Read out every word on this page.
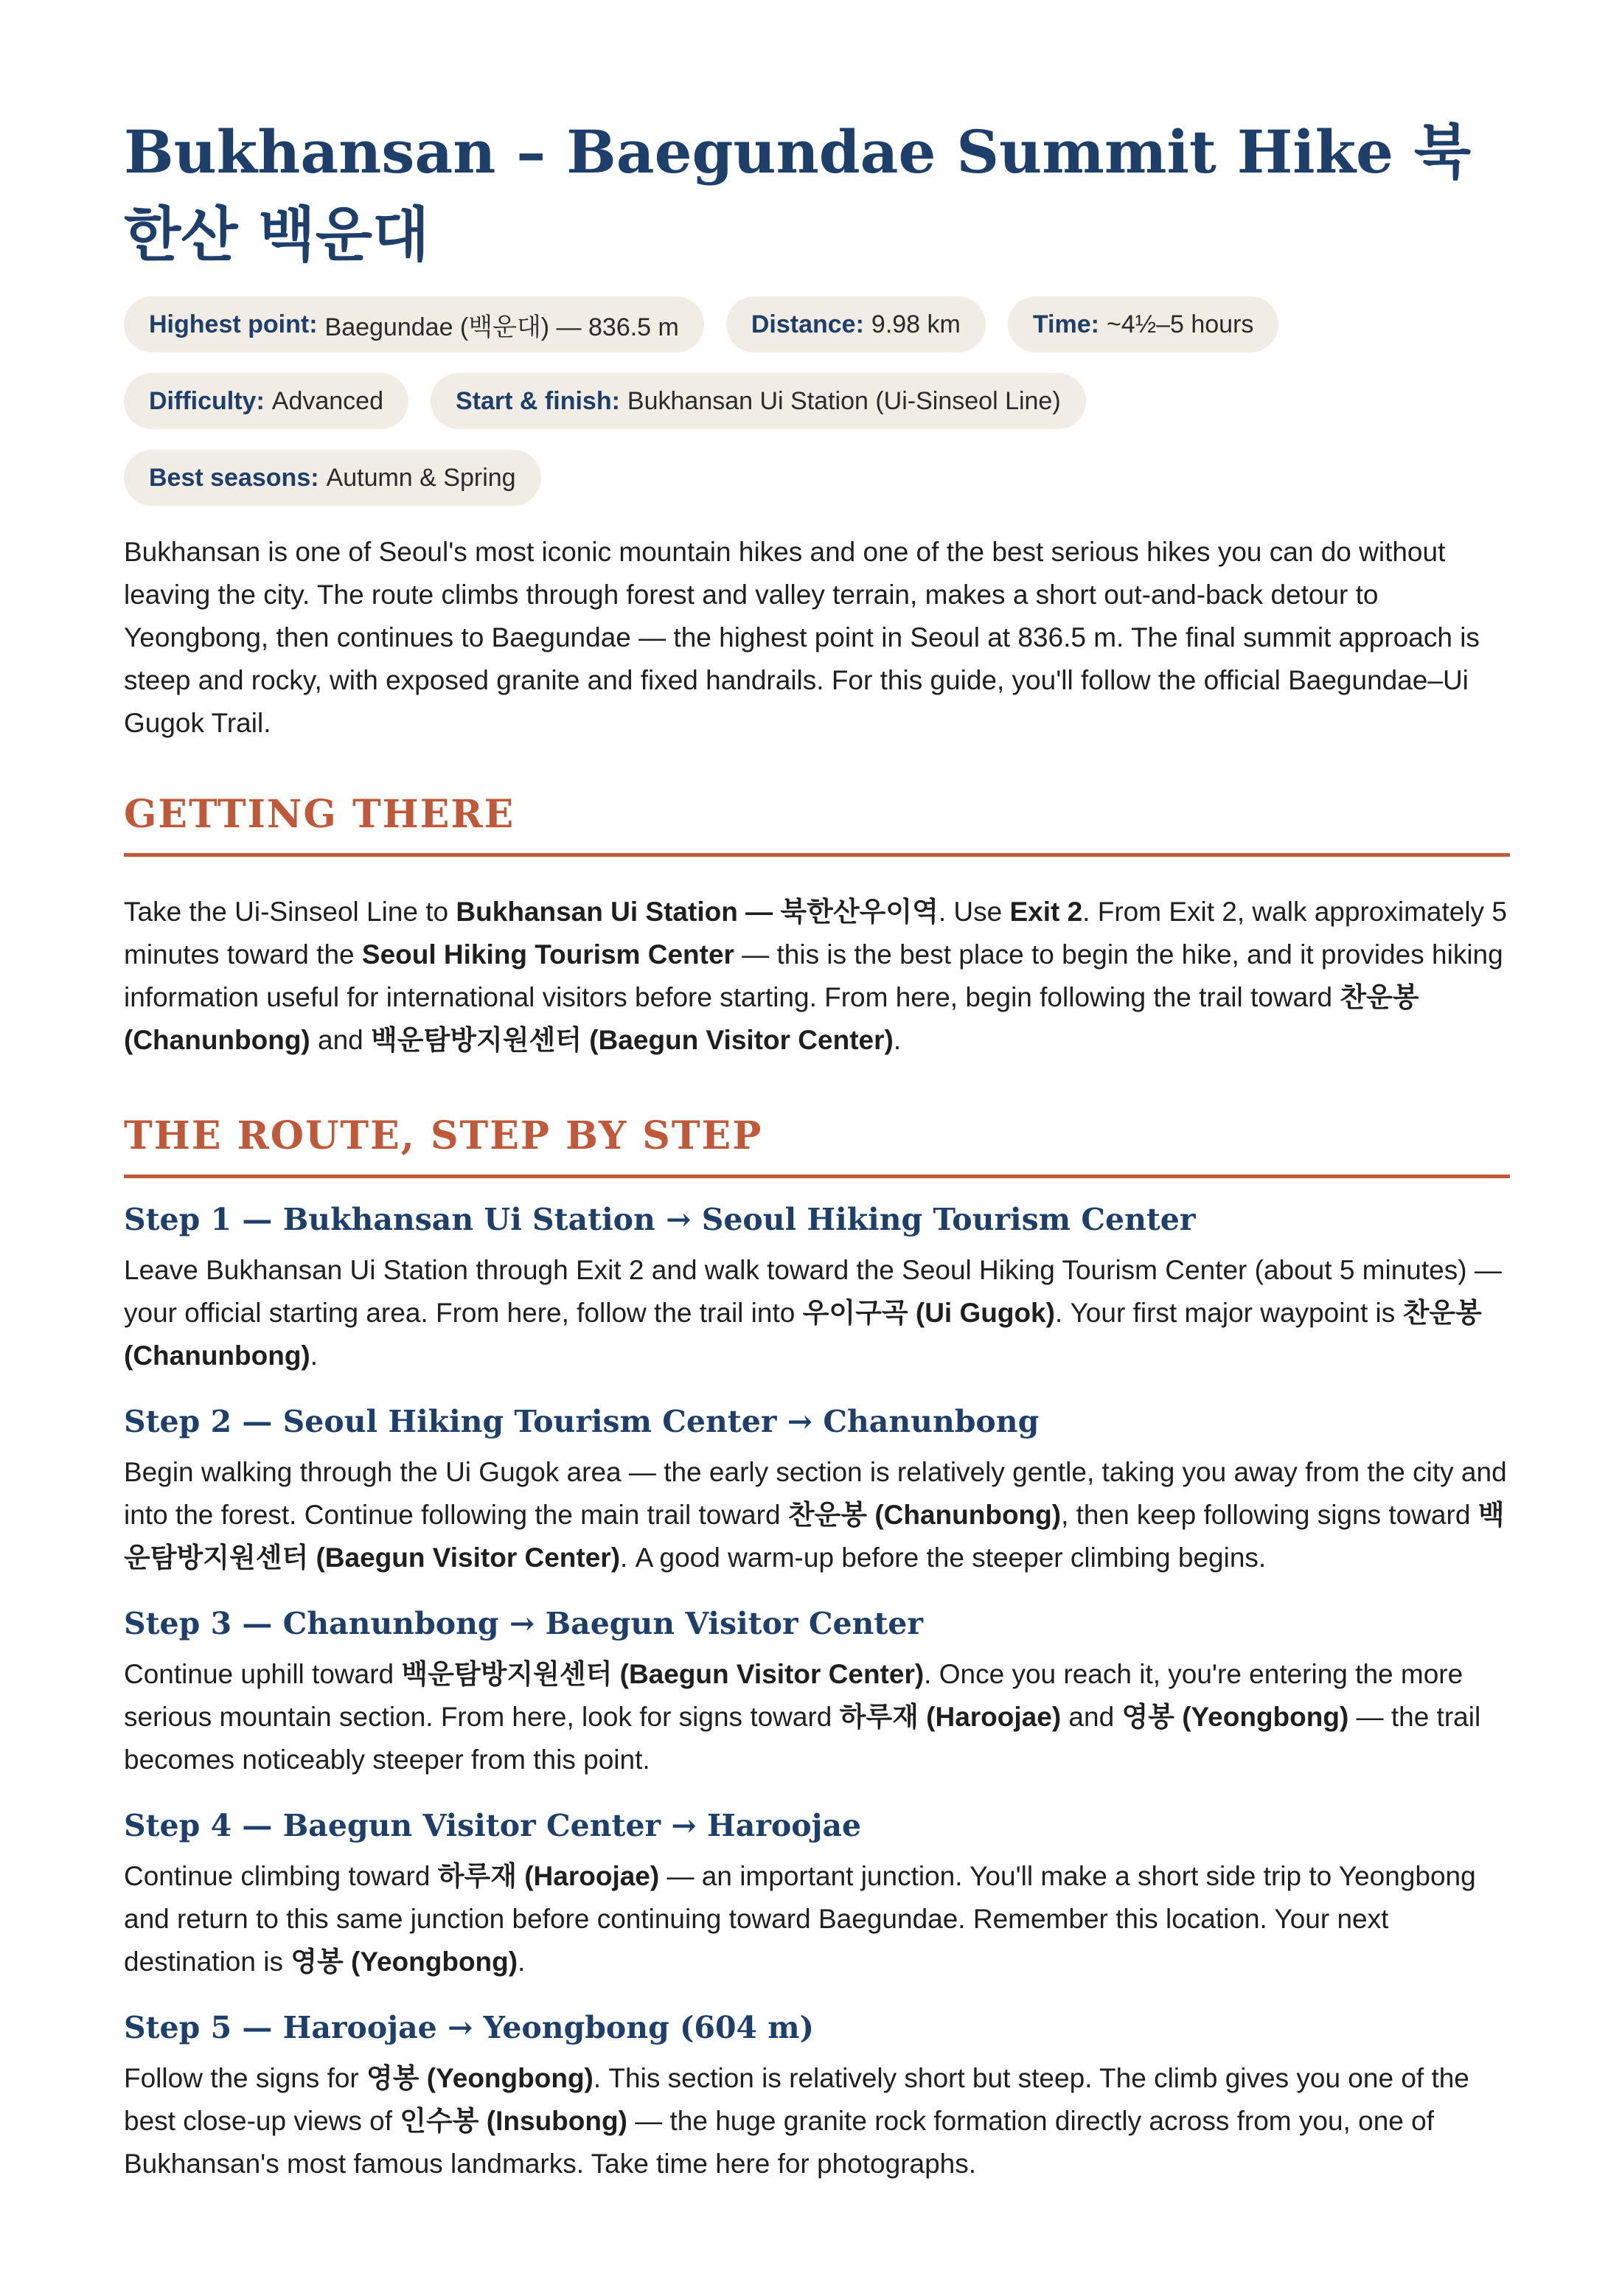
Bukhansan – Baegundae Summit Hike 북한산 백운대
Highest point: Baegundae (백운대) — 836.5 m	Distance: 9.98 km	Time: ~4½–5 hours
Difficulty: Advanced	Start & finish: Bukhansan Ui Station (Ui-Sinseol Line)
Best seasons: Autumn & Spring

Bukhansan is one of Seoul's most iconic mountain hikes and one of the best serious hikes you can do without leaving the city. The route climbs through forest and valley terrain, makes a short out-and-back detour to Yeongbong, then continues to Baegundae — the highest point in Seoul at 836.5 m. The final summit approach is steep and rocky, with exposed granite and fixed handrails. For this guide, you'll follow the official Baegundae–Ui Gugok Trail.

GETTING THERE

Take the Ui-Sinseol Line to Bukhansan Ui Station — 북한산우이역. Use Exit 2. From Exit 2, walk approximately 5 minutes toward the Seoul Hiking Tourism Center — this is the best place to begin the hike, and it provides hiking information useful for international visitors before starting. From here, begin following the trail toward 찬운봉 (Chanunbong) and 백운탐방지원센터 (Baegun Visitor Center).

THE ROUTE, STEP BY STEP
Step 1 — Bukhansan Ui Station → Seoul Hiking Tourism Center

Leave Bukhansan Ui Station through Exit 2 and walk toward the Seoul Hiking Tourism Center (about 5 minutes) — your official starting area. From here, follow the trail into 우이구곡 (Ui Gugok). Your first major waypoint is 찬운봉 (Chanunbong).

Step 2 — Seoul Hiking Tourism Center → Chanunbong

Begin walking through the Ui Gugok area — the early section is relatively gentle, taking you away from the city and into the forest. Continue following the main trail toward 찬운봉 (Chanunbong), then keep following signs toward 백운탐방지원센터 (Baegun Visitor Center). A good warm-up before the steeper climbing begins.

Step 3 — Chanunbong → Baegun Visitor Center

Continue uphill toward 백운탐방지원센터 (Baegun Visitor Center). Once you reach it, you're entering the more serious mountain section. From here, look for signs toward 하루재 (Haroojae) and 영봉 (Yeongbong) — the trail becomes noticeably steeper from this point.

Step 4 — Baegun Visitor Center → Haroojae

Continue climbing toward 하루재 (Haroojae) — an important junction. You'll make a short side trip to Yeongbong and return to this same junction before continuing toward Baegundae. Remember this location. Your next destination is 영봉 (Yeongbong).

Step 5 — Haroojae → Yeongbong (604 m)

Follow the signs for 영봉 (Yeongbong). This section is relatively short but steep. The climb gives you one of the best close-up views of 인수봉 (Insubong) — the huge granite rock formation directly across from you, one of Bukhansan's most famous landmarks. Take time here for photographs.
